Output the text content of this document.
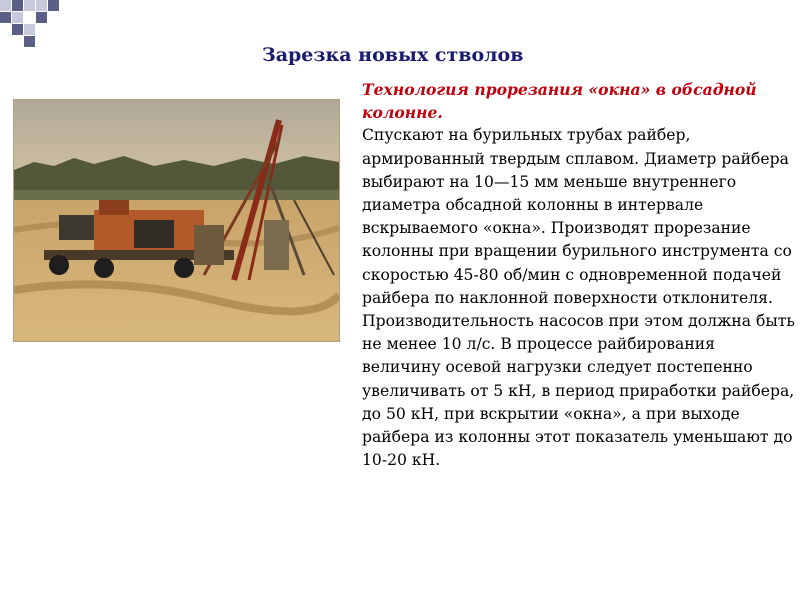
Зарезка новых стволов
Технология прорезания «окна» в обсадной колонне.
Спускают на бурильных трубах райбер, армированный твердым сплавом. Диаметр райбера выбирают на 10—15 мм меньше внутреннего диаметра обсадной колонны в интервале вскрываемого «окна». Производят прорезание колонны при вращении бурильного инструмента со скоростью 45-80 об/мин с одновременной подачей райбера по наклонной поверхности отклонителя. Производительность насосов при этом должна быть не менее 10 л/с. В процессе райбирования величину осевой нагрузки следует постепенно увеличивать от 5 кН, в период приработки райбера, до 50 кН, при вскрытии «окна», а при выходе райбера из колонны этот показатель уменьшают до 10-20 кН.
